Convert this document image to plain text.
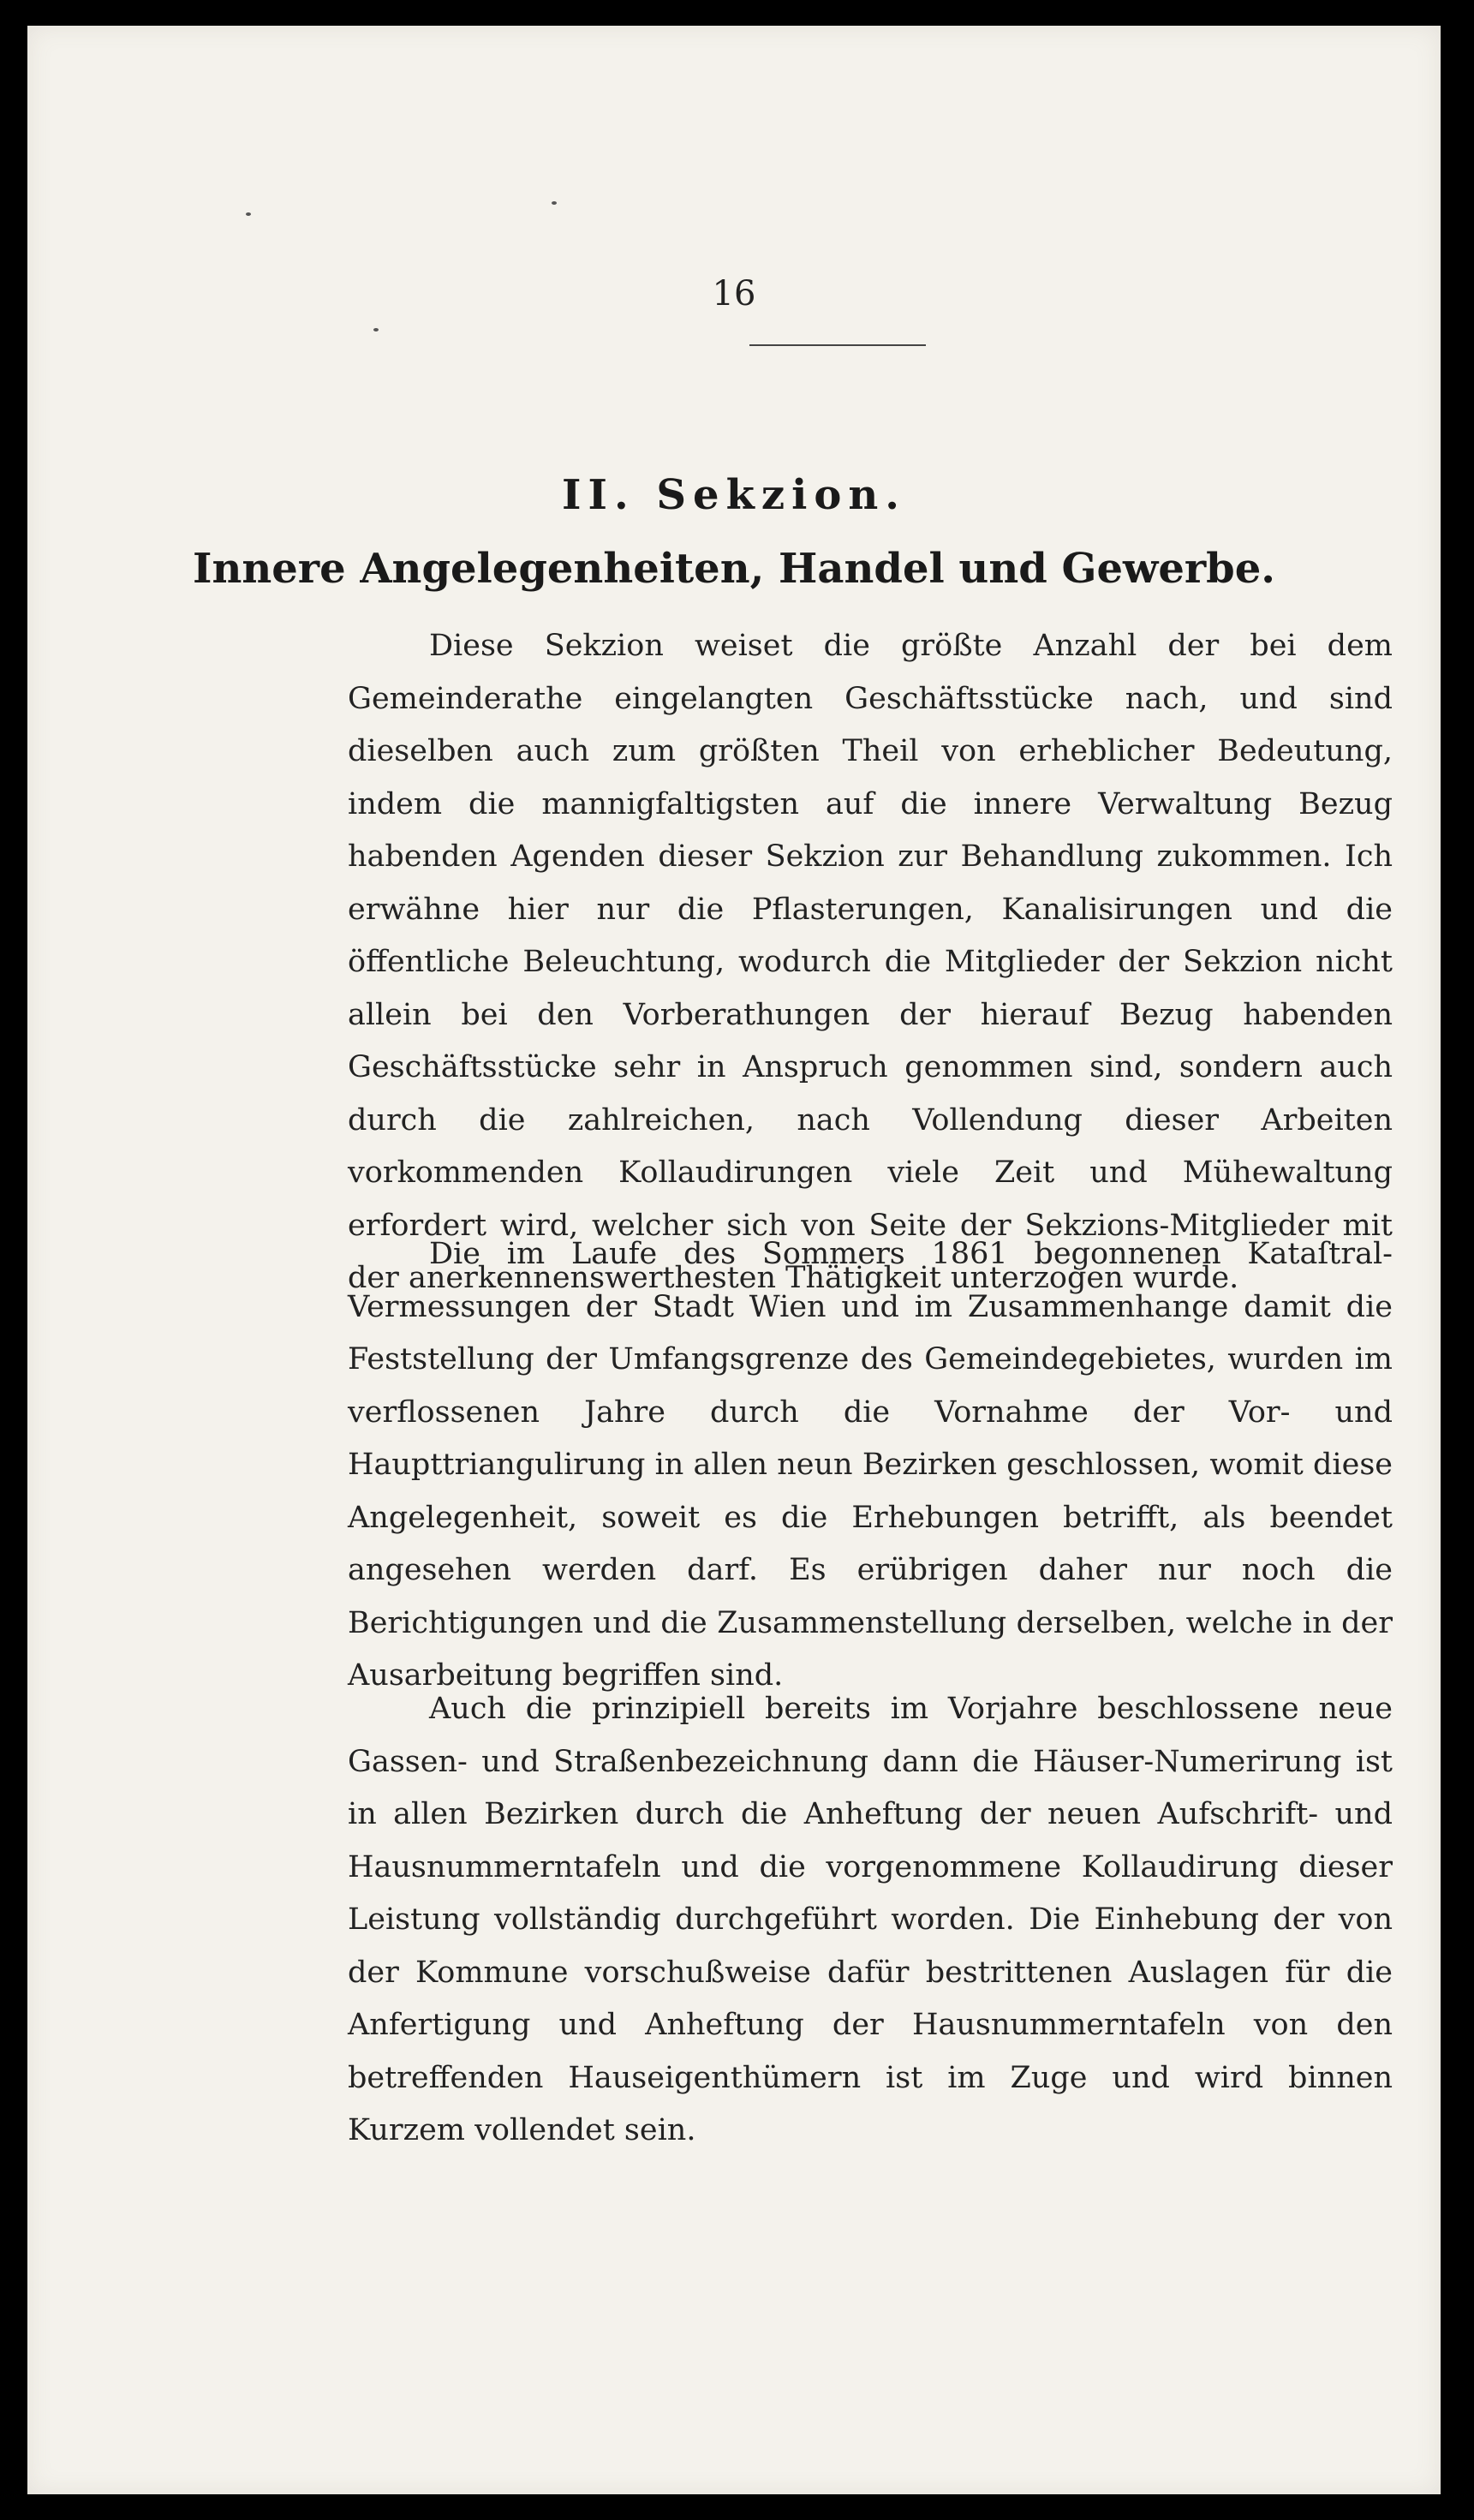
16
II. Sekzion.
Innere Angelegenheiten, Handel und Gewerbe.

Diese Sekzion weiset die größte Anzahl der bei dem Gemeinderathe eingelangten Geschäftsstücke nach, und sind dieselben auch zum größten Theil von erheblicher Bedeutung, indem die mannigfaltigsten auf die innere Verwaltung Bezug habenden Agenden dieser Sekzion zur Behandlung zukommen. Ich erwähne hier nur die Pflasterungen, Kanalisirungen und die öffentliche Beleuchtung, wodurch die Mitglieder der Sekzion nicht allein bei den Vorberathungen der hierauf Bezug habenden Geschäftsstücke sehr in Anspruch genommen sind, sondern auch durch die zahlreichen, nach Vollendung dieser Arbeiten vorkommenden Kollaudirungen viele Zeit und Mühewaltung erfordert wird, welcher sich von Seite der Sekzions-Mitglieder mit der anerkennenswerthesten Thätigkeit unterzogen wurde.

Die im Laufe des Sommers 1861 begonnenen Kataſtral-Vermessungen der Stadt Wien und im Zusammenhange damit die Feststellung der Umfangsgrenze des Gemeindegebietes, wurden im verflossenen Jahre durch die Vornahme der Vor- und Haupttriangulirung in allen neun Bezirken geschlossen, womit diese Angelegenheit, soweit es die Erhebungen betrifft, als beendet angesehen werden darf. Es erübrigen daher nur noch die Berichtigungen und die Zusammenstellung derselben, welche in der Ausarbeitung begriffen sind.

Auch die prinzipiell bereits im Vorjahre beschlossene neue Gassen- und Straßenbezeichnung dann die Häuser-Numerirung ist in allen Bezirken durch die Anheftung der neuen Aufschrift- und Hausnummerntafeln und die vorgenommene Kollaudirung dieser Leistung vollständig durchgeführt worden. Die Einhebung der von der Kommune vorschußweise dafür bestrittenen Auslagen für die Anfertigung und Anheftung der Hausnummerntafeln von den betreffenden Hauseigenthümern ist im Zuge und wird binnen Kurzem vollendet sein.
